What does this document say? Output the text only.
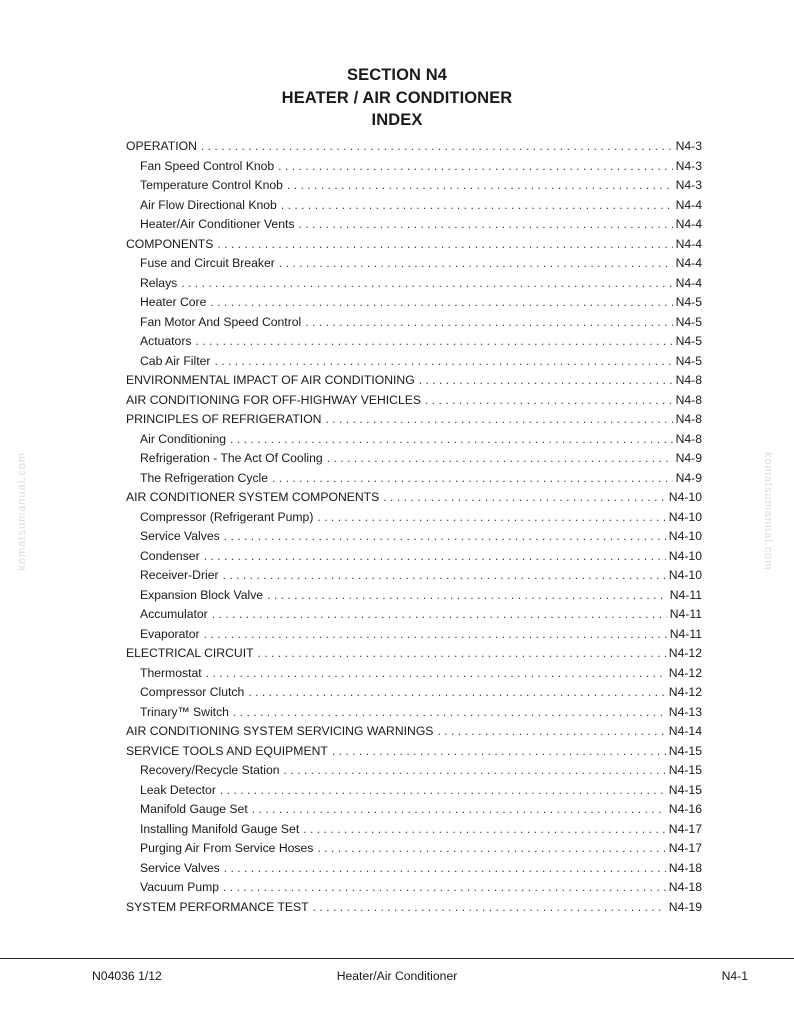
SECTION N4
HEATER / AIR CONDITIONER
INDEX
komatsumanual.com	komatsumanual.com
OPERATION . . .	N4-3
Fan Speed Control Knob . . .	N4-3
Temperature Control Knob . . .	N4-3
Air Flow Directional Knob . . .	N4-4
Heater/Air Conditioner Vents . . .	N4-4
COMPONENTS . . .	N4-4
Fuse and Circuit Breaker . . .	N4-4
Relays . . .	N4-4
Heater Core . . .	N4-5
Fan Motor And Speed Control . . .	N4-5
Actuators . . .	N4-5
Cab Air Filter . . .	N4-5
ENVIRONMENTAL IMPACT OF AIR CONDITIONING . . .	N4-8
AIR CONDITIONING FOR OFF-HIGHWAY VEHICLES . . .	N4-8
PRINCIPLES OF REFRIGERATION . . .	N4-8
Air Conditioning . . .	N4-8
Refrigeration - The Act Of Cooling . . .	N4-9
The Refrigeration Cycle . . .	N4-9
AIR CONDITIONER SYSTEM COMPONENTS . . .	N4-10
Compressor (Refrigerant Pump) . . .	N4-10
Service Valves . . .	N4-10
Condenser . . .	N4-10
Receiver-Drier . . .	N4-10
Expansion Block Valve . . .	N4-11
Accumulator . . .	N4-11
Evaporator . . .	N4-11
ELECTRICAL CIRCUIT . . .	N4-12
Thermostat . . .	N4-12
Compressor Clutch . . .	N4-12
Trinary™ Switch . . .	N4-13
AIR CONDITIONING SYSTEM SERVICING WARNINGS . . .	N4-14
SERVICE TOOLS AND EQUIPMENT . . .	N4-15
Recovery/Recycle Station . . .	N4-15
Leak Detector . . .	N4-15
Manifold Gauge Set . . .	N4-16
Installing Manifold Gauge Set . . .	N4-17
Purging Air From Service Hoses . . .	N4-17
Service Valves . . .	N4-18
Vacuum Pump . . .	N4-18
SYSTEM PERFORMANCE TEST . . .	N4-19
N04036 1/12	Heater/Air Conditioner	N4-1
